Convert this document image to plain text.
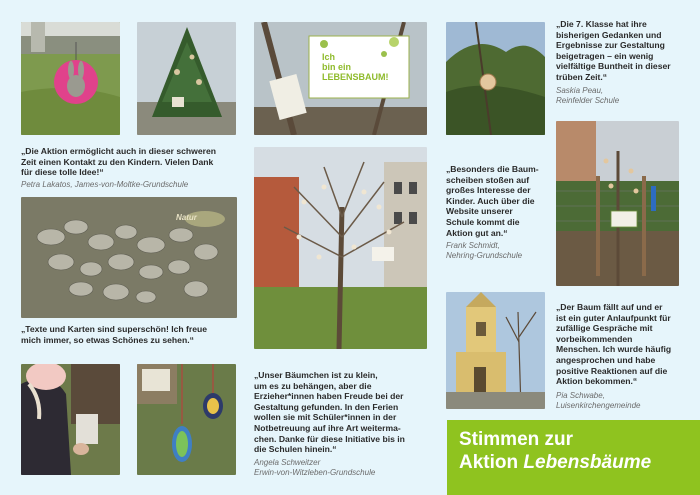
Ich
bin ein
LEBENSBAUM!
Natur
„Die 7. Klasse hat ihre
bisherigen Gedanken und
Ergebnisse zur Gestaltung
beigetragen – ein wenig
vielfältige Buntheit in dieser
trüben Zeit.“
Saskia Peau,
Reinfelder Schule
„Die Aktion ermöglicht auch in dieser schweren
Zeit einen Kontakt zu den Kindern. Vielen Dank
für diese tolle Idee!“
Petra Lakatos, James-von-Moltke-Grundschule
„Besonders die Baum-
scheiben stoßen auf
großes Interesse der
Kinder. Auch über die
Website unserer
Schule kommt die
Aktion gut an.“
Frank Schmidt,
Nehring-Grundschule
„Texte und Karten sind superschön! Ich freue
mich immer, so etwas Schönes zu sehen.“
„Der Baum fällt auf und er
ist ein guter Anlaufpunkt für
zufällige Gespräche mit
vorbeikommenden
Menschen. Ich wurde häufig
angesprochen und habe
positive Reaktionen auf die
Aktion bekommen.“
Pia Schwabe,
Luisenkirchengemeinde
„Unser Bäumchen ist zu klein,
um es zu behängen, aber die
Erzieher*innen haben Freude bei der
Gestaltung gefunden. In den Ferien
wollen sie mit Schüler*innen in der
Notbetreuung auf ihre Art weiterma-
chen. Danke für diese Initiative bis in
die Schulen hinein.“
Angela Schweitzer
Erwin-von-Witzleben-Grundschule
Stimmen zur
Aktion Lebensbäume
